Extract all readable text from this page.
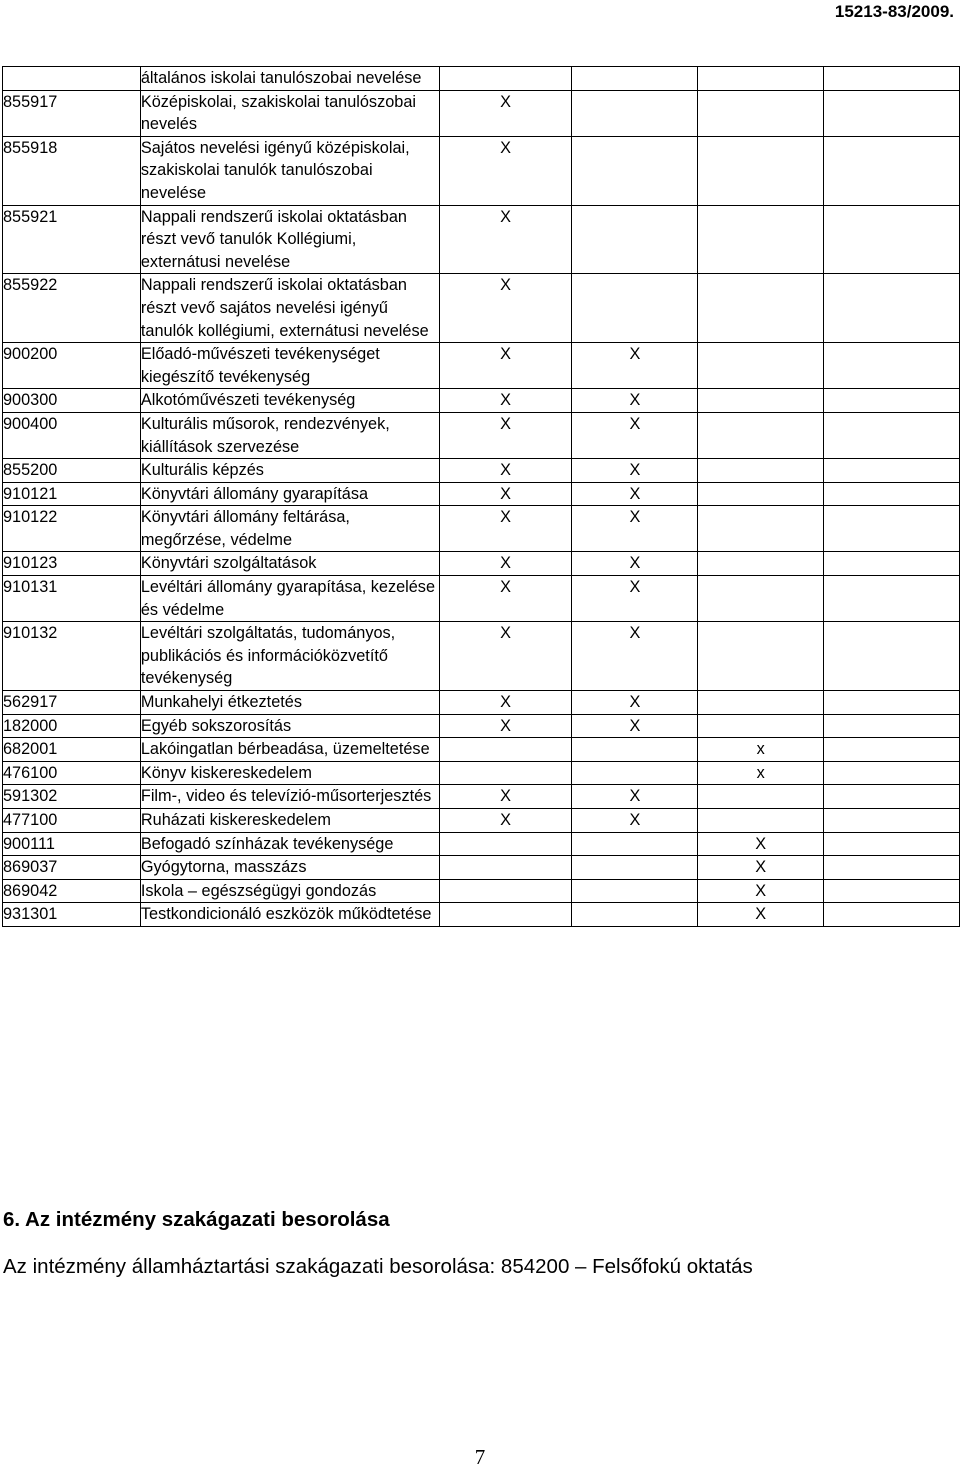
15213-83/2009.
	általános iskolai tanulószobai nevelése				
855917	Középiskolai, szakiskolai tanulószobai nevelés	X			
855918	Sajátos nevelési igényű középiskolai, szakiskolai tanulók tanulószobai nevelése	X			
855921	Nappali rendszerű iskolai oktatásban részt vevő tanulók Kollégiumi, externátusi nevelése	X			
855922	Nappali rendszerű iskolai oktatásban részt vevő sajátos nevelési igényű tanulók kollégiumi, externátusi nevelése	X			
900200	Előadó-művészeti tevékenységet kiegészítő tevékenység	X	X		
900300	Alkotóművészeti tevékenység	X	X		
900400	Kulturális műsorok, rendezvények, kiállítások szervezése	X	X		
855200	Kulturális képzés	X	X		
910121	Könyvtári állomány gyarapítása	X	X		
910122	Könyvtári állomány feltárása, megőrzése, védelme	X	X		
910123	Könyvtári szolgáltatások	X	X		
910131	Levéltári állomány gyarapítása, kezelése és védelme	X	X		
910132	Levéltári szolgáltatás, tudományos, publikációs és információközvetítő tevékenység	X	X		
562917	Munkahelyi étkeztetés	X	X		
182000	Egyéb sokszorosítás	X	X		
682001	Lakóingatlan bérbeadása, üzemeltetése			x	
476100	Könyv kiskereskedelem			x	
591302	Film-, video és televízió-műsorterjesztés	X	X		
477100	Ruházati kiskereskedelem	X	X		
900111	Befogadó színházak tevékenysége			X	
869037	Gyógytorna, masszázs			X	
869042	Iskola – egészségügyi gondozás			X	
931301	Testkondicionáló eszközök működtetése			X	
6. Az intézmény szakágazati besorolása
Az intézmény államháztartási szakágazati besorolása: 854200 – Felsőfokú oktatás
7
